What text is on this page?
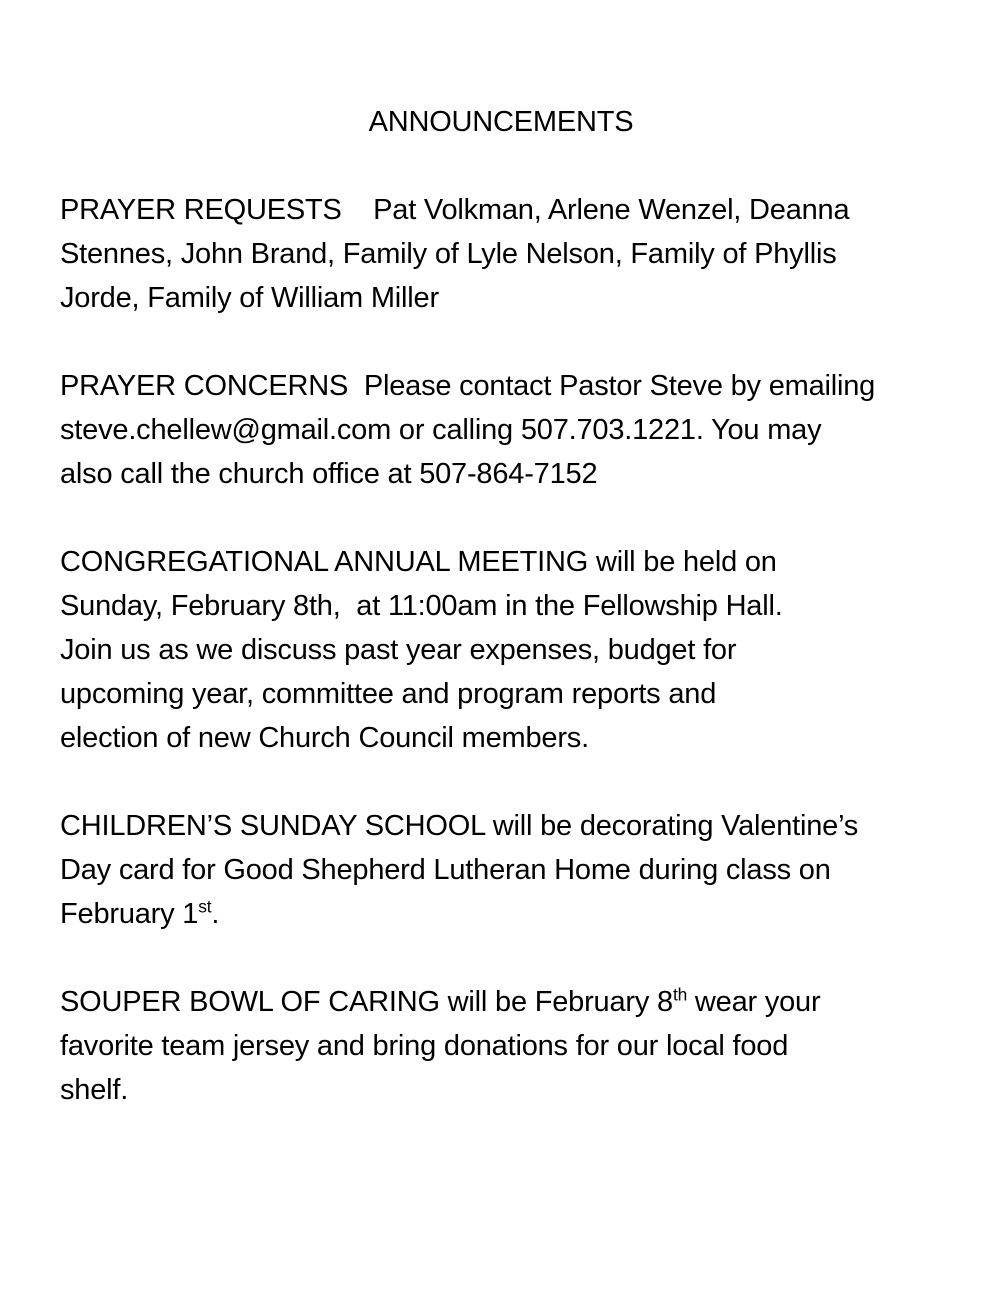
ANNOUNCEMENTS
PRAYER REQUESTS    Pat Volkman, Arlene Wenzel, Deanna
Stennes, John Brand, Family of Lyle Nelson, Family of Phyllis
Jorde, Family of William Miller
PRAYER CONCERNS  Please contact Pastor Steve by emailing
steve.chellew@gmail.com or calling 507.703.1221. You may
also call the church office at 507-864-7152
CONGREGATIONAL ANNUAL MEETING will be held on
Sunday, February 8th,  at 11:00am in the Fellowship Hall.
Join us as we discuss past year expenses, budget for
upcoming year, committee and program reports and
election of new Church Council members.
CHILDREN’S SUNDAY SCHOOL will be decorating Valentine’s
Day card for Good Shepherd Lutheran Home during class on
February 1st.
SOUPER BOWL OF CARING will be February 8th wear your
favorite team jersey and bring donations for our local food
shelf.
